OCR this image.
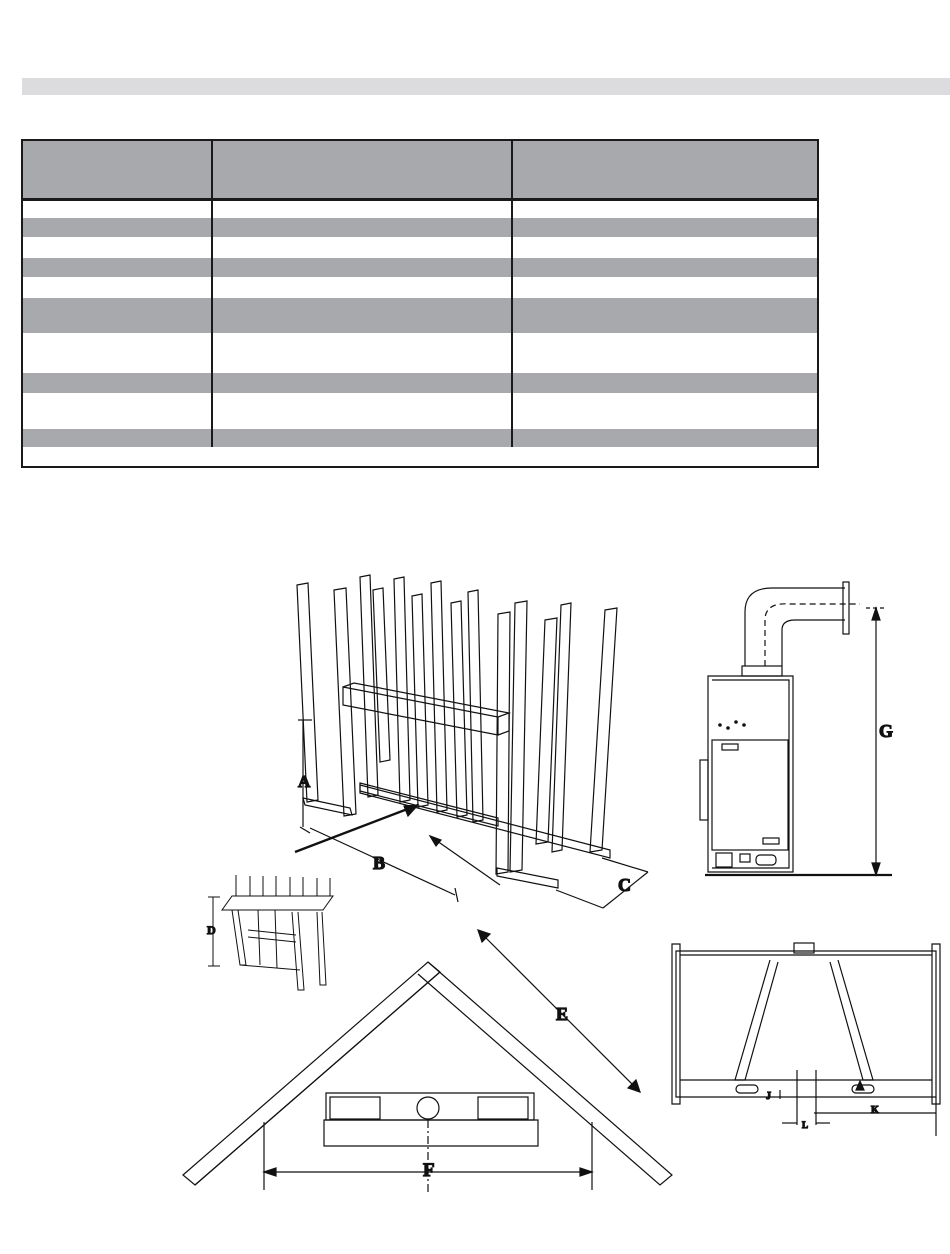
A
B
C
D
E
F
G
J
K
L
